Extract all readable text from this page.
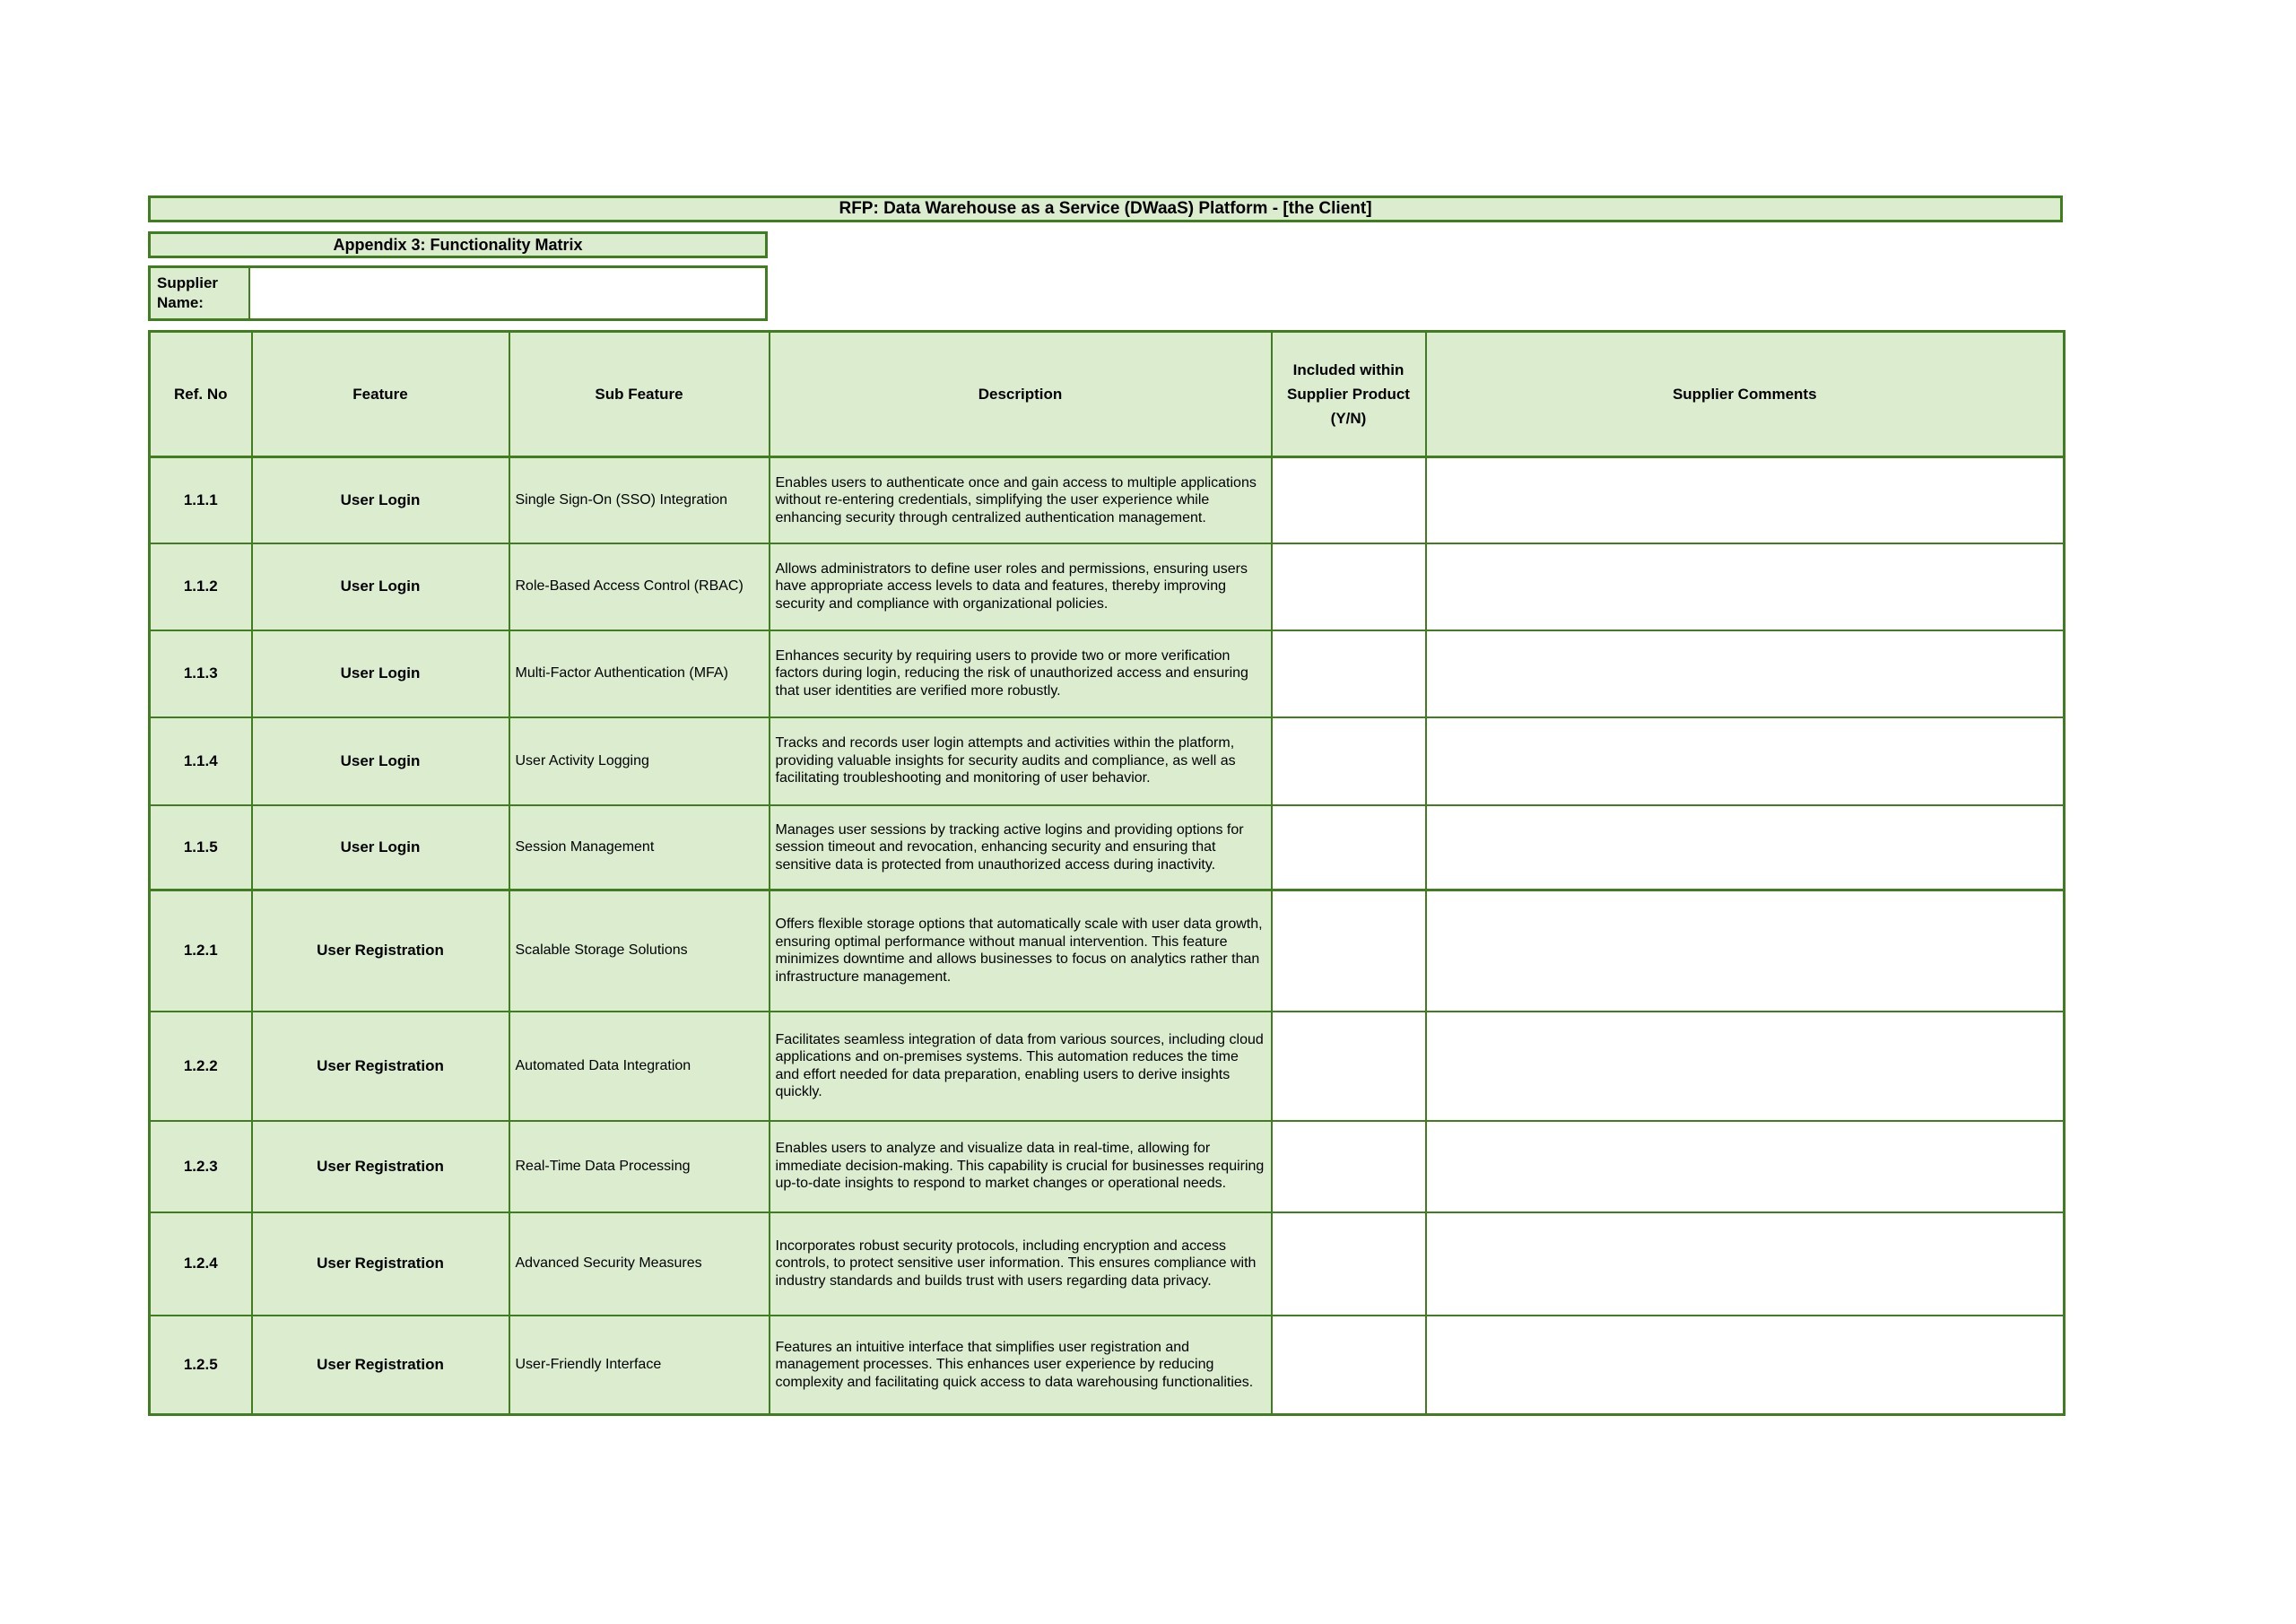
RFP: Data Warehouse as a Service (DWaaS) Platform - [the Client]
Appendix 3: Functionality Matrix
Supplier Name:
Ref. No	Feature	Sub Feature	Description	Included within Supplier Product (Y/N)	Supplier Comments
1.1.1	User Login	Single Sign-On (SSO) Integration	Enables users to authenticate once and gain access to multiple applications without re-entering credentials, simplifying the user experience while enhancing security through centralized authentication management.		
1.1.2	User Login	Role-Based Access Control (RBAC)	Allows administrators to define user roles and permissions, ensuring users have appropriate access levels to data and features, thereby improving security and compliance with organizational policies.		
1.1.3	User Login	Multi-Factor Authentication (MFA)	Enhances security by requiring users to provide two or more verification factors during login, reducing the risk of unauthorized access and ensuring that user identities are verified more robustly.		
1.1.4	User Login	User Activity Logging	Tracks and records user login attempts and activities within the platform, providing valuable insights for security audits and compliance, as well as facilitating troubleshooting and monitoring of user behavior.		
1.1.5	User Login	Session Management	Manages user sessions by tracking active logins and providing options for session timeout and revocation, enhancing security and ensuring that sensitive data is protected from unauthorized access during inactivity.		
1.2.1	User Registration	Scalable Storage Solutions	Offers flexible storage options that automatically scale with user data growth, ensuring optimal performance without manual intervention. This feature minimizes downtime and allows businesses to focus on analytics rather than infrastructure management.		
1.2.2	User Registration	Automated Data Integration	Facilitates seamless integration of data from various sources, including cloud applications and on-premises systems. This automation reduces the time and effort needed for data preparation, enabling users to derive insights quickly.		
1.2.3	User Registration	Real-Time Data Processing	Enables users to analyze and visualize data in real-time, allowing for immediate decision-making. This capability is crucial for businesses requiring up-to-date insights to respond to market changes or operational needs.		
1.2.4	User Registration	Advanced Security Measures	Incorporates robust security protocols, including encryption and access controls, to protect sensitive user information. This ensures compliance with industry standards and builds trust with users regarding data privacy.		
1.2.5	User Registration	User-Friendly Interface	Features an intuitive interface that simplifies user registration and management processes. This enhances user experience by reducing complexity and facilitating quick access to data warehousing functionalities.		
